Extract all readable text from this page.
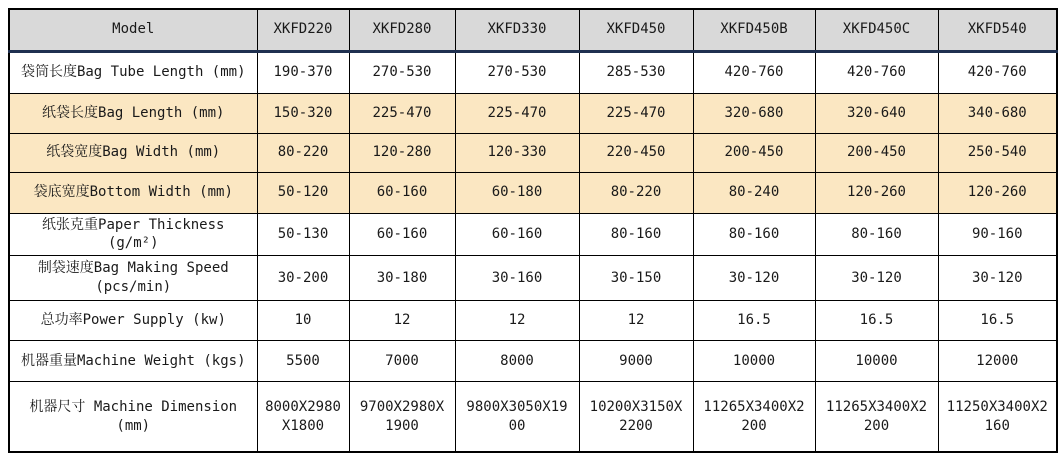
Model	XKFD220	XKFD280	XKFD330	XKFD450	XKFD450B	XKFD450C	XKFD540
袋筒长度Bag Tube Length (mm)	190-370	270-530	270-530	285-530	420-760	420-760	420-760
纸袋长度Bag Length (mm)	150-320	225-470	225-470	225-470	320-680	320-640	340-680
纸袋宽度Bag Width (mm)	80-220	120-280	120-330	220-450	200-450	200-450	250-540
袋底宽度Bottom Width (mm)	50-120	60-160	60-180	80-220	80-240	120-260	120-260
纸张克重Paper Thickness (g/m²)	50-130	60-160	60-160	80-160	80-160	80-160	90-160
制袋速度Bag Making Speed (pcs/min)	30-200	30-180	30-160	30-150	30-120	30-120	30-120
总功率Power Supply (kw)	10	12	12	12	16.5	16.5	16.5
机器重量Machine Weight (kgs)	5500	7000	8000	9000	10000	10000	12000
机器尺寸 Machine Dimension (mm)	8000X2980X1800	9700X2980X1900	9800X3050X1900	10200X3150X2200	11265X3400X2200	11265X3400X2200	11250X3400X2160
